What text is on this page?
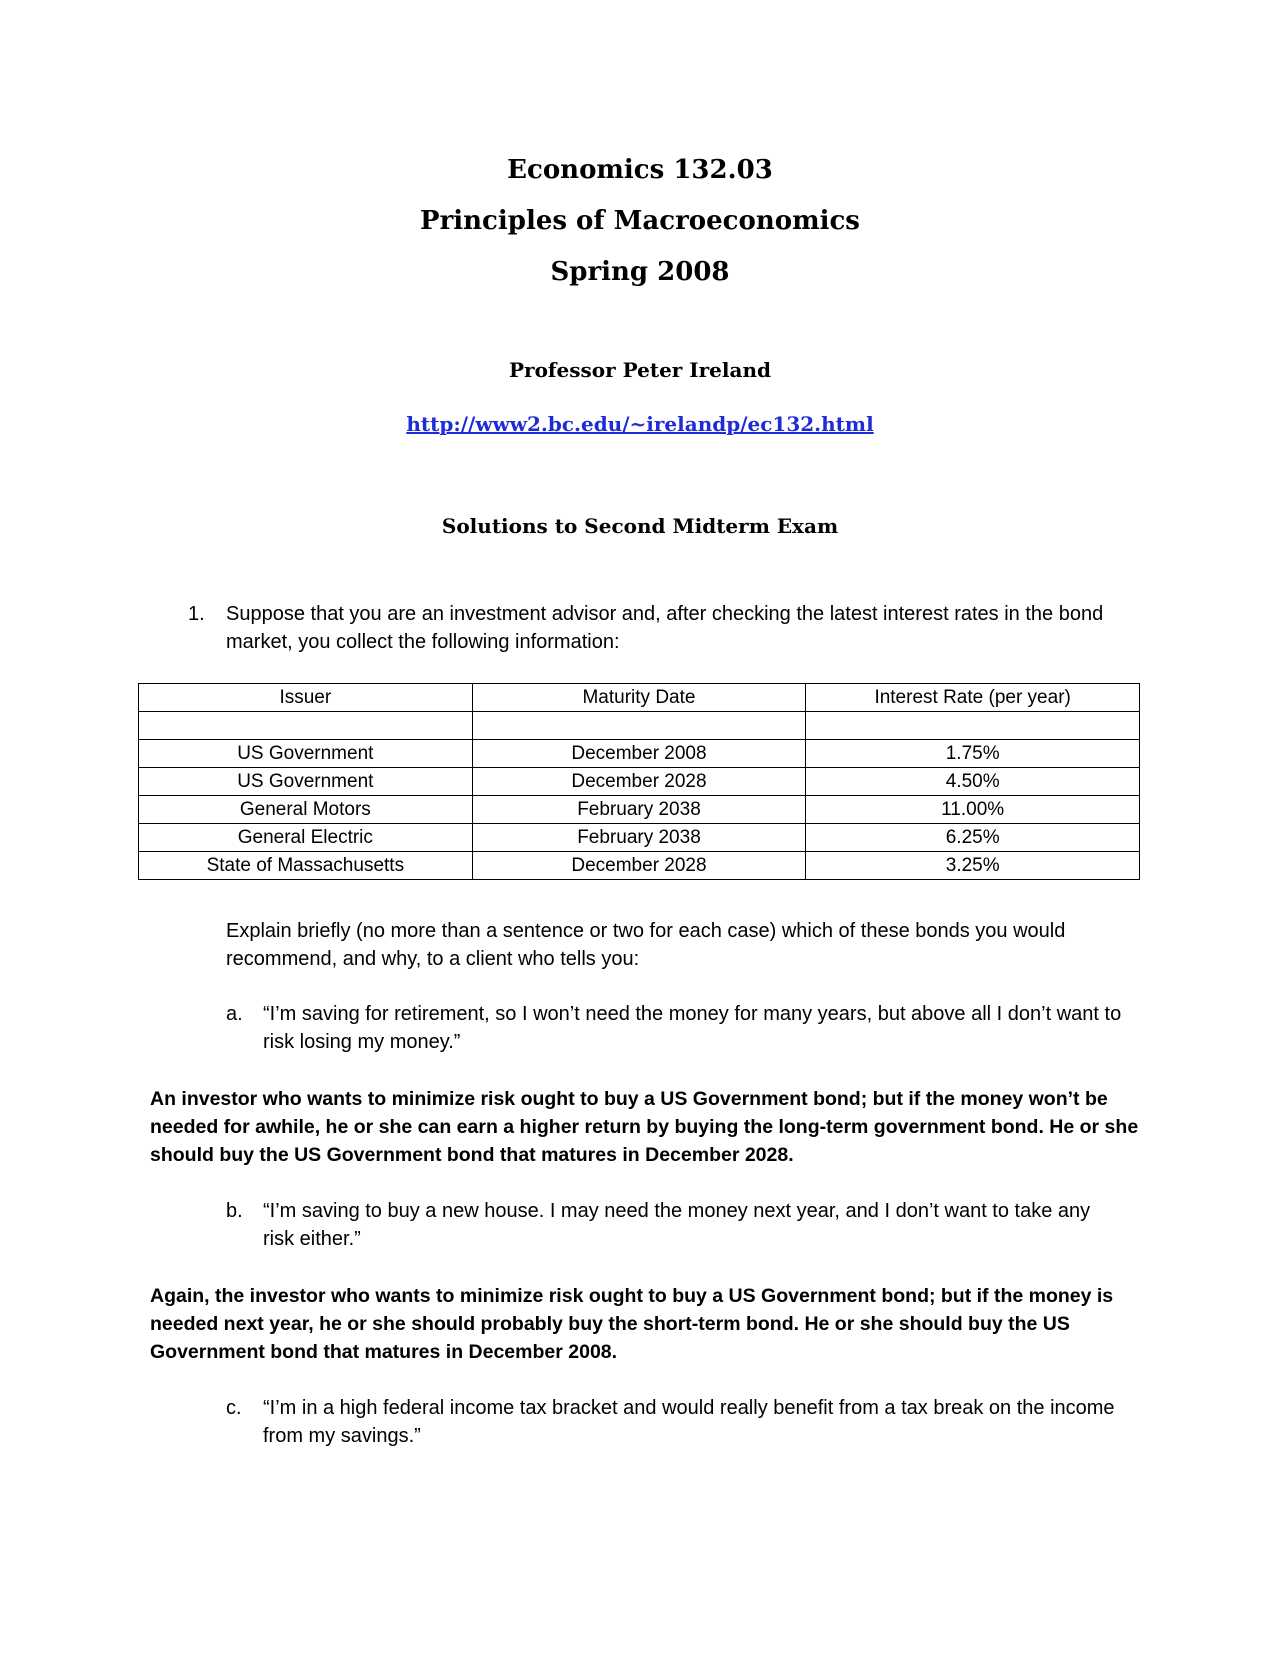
Economics 132.03
Principles of Macroeconomics
Spring 2008
Professor Peter Ireland
http://www2.bc.edu/~irelandp/ec132.html
Solutions to Second Midterm Exam
1. Suppose that you are an investment advisor and, after checking the latest interest rates in the bond market, you collect the following information:
Issuer	Maturity Date	Interest Rate (per year)

US Government	December 2008	1.75%
US Government	December 2028	4.50%
General Motors	February 2038	11.00%
General Electric	February 2038	6.25%
State of Massachusetts	December 2028	3.25%
Explain briefly (no more than a sentence or two for each case) which of these bonds you would recommend, and why, to a client who tells you:
a. “I’m saving for retirement, so I won’t need the money for many years, but above all I don’t want to risk losing my money.”
An investor who wants to minimize risk ought to buy a US Government bond; but if the money won’t be needed for awhile, he or she can earn a higher return by buying the long-term government bond. He or she should buy the US Government bond that matures in December 2028.
b. “I’m saving to buy a new house. I may need the money next year, and I don’t want to take any risk either.”
Again, the investor who wants to minimize risk ought to buy a US Government bond; but if the money is needed next year, he or she should probably buy the short-term bond. He or she should buy the US Government bond that matures in December 2008.
c. “I’m in a high federal income tax bracket and would really benefit from a tax break on the income from my savings.”
